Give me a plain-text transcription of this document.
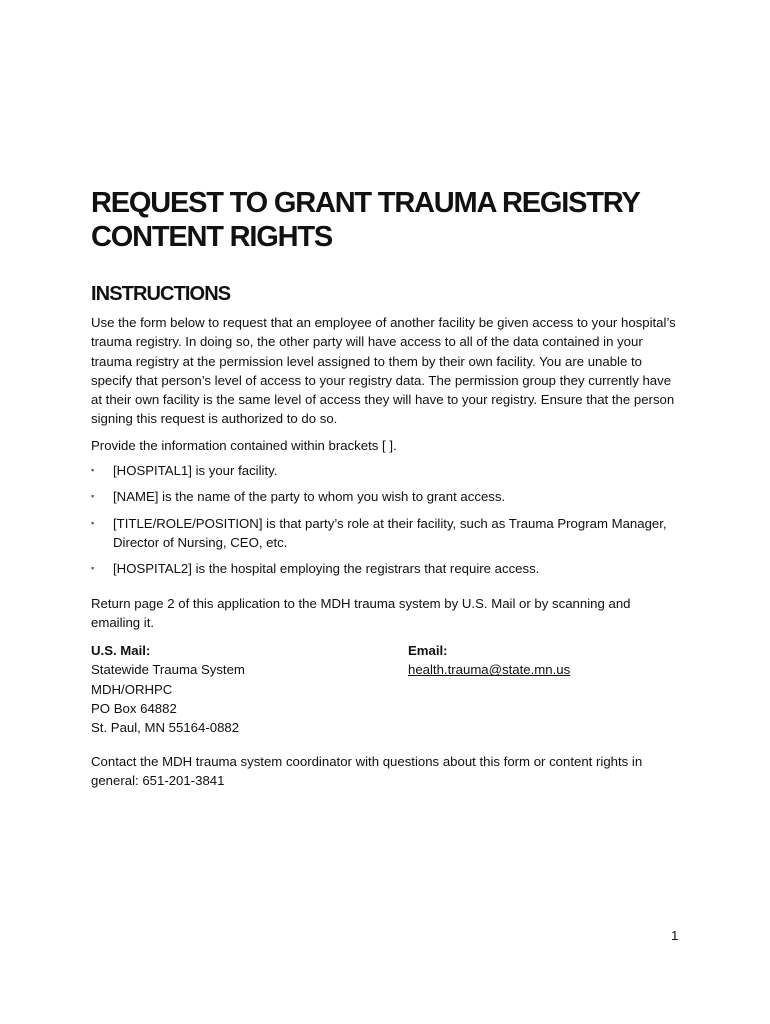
REQUEST TO GRANT TRAUMA REGISTRY
CONTENT RIGHTS
INSTRUCTIONS

Use the form below to request that an employee of another facility be given access to your hospital’s trauma registry. In doing so, the other party will have access to all of the data contained in your trauma registry at the permission level assigned to them by their own facility. You are unable to specify that person’s level of access to your registry data. The permission group they currently have at their own facility is the same level of access they will have to your registry. Ensure that the person signing this request is authorized to do so.

Provide the information contained within brackets [ ].

▪ [HOSPITAL1] is your facility.
▪ [NAME] is the name of the party to whom you wish to grant access.
▪ [TITLE/ROLE/POSITION] is that party’s role at their facility, such as Trauma Program Manager, Director of Nursing, CEO, etc.
▪ [HOSPITAL2] is the hospital employing the registrars that require access.

Return page 2 of this application to the MDH trauma system by U.S. Mail or by scanning and emailing it.

U.S. Mail:
Statewide Trauma System
MDH/ORHPC
PO Box 64882
St. Paul, MN 55164-0882
Email:
health.trauma@state.mn.us

Contact the MDH trauma system coordinator with questions about this form or content rights in general: 651-201-3841

1
